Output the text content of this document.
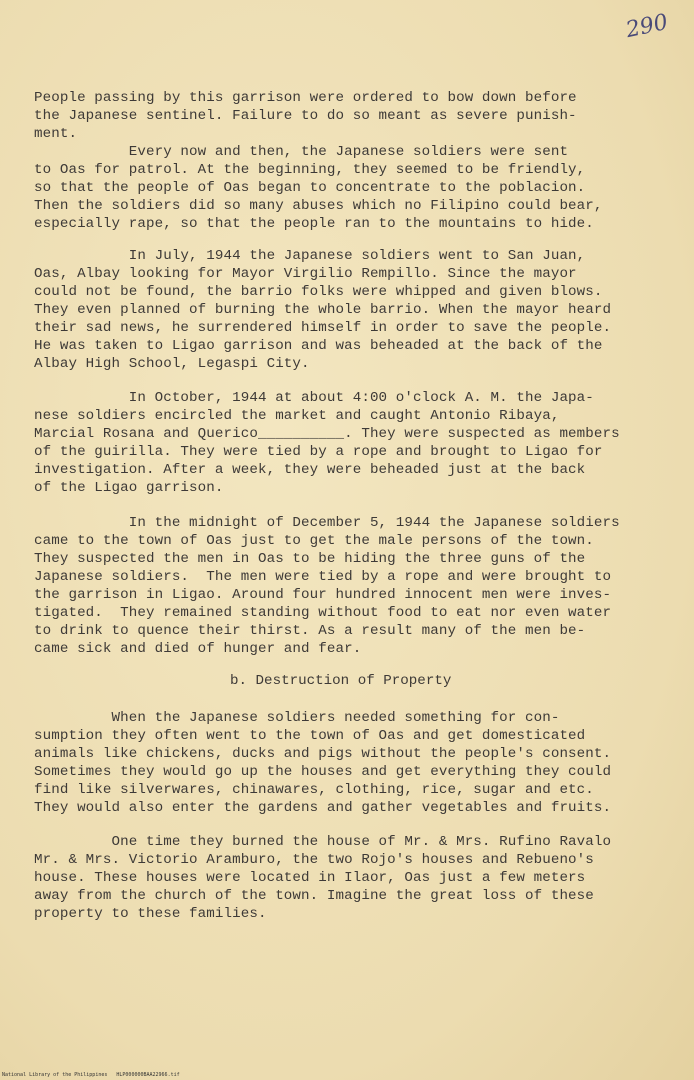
290
People passing by this garrison were ordered to bow down before
the Japanese sentinel. Failure to do so meant as severe punish-
ment.
Every now and then, the Japanese soldiers were sent
to Oas for patrol. At the beginning, they seemed to be friendly,
so that the people of Oas began to concentrate to the poblacion.
Then the soldiers did so many abuses which no Filipino could bear,
especially rape, so that the people ran to the mountains to hide.
In July, 1944 the Japanese soldiers went to San Juan,
Oas, Albay looking for Mayor Virgilio Rempillo. Since the mayor
could not be found, the barrio folks were whipped and given blows.
They even planned of burning the whole barrio. When the mayor heard
their sad news, he surrendered himself in order to save the people.
He was taken to Ligao garrison and was beheaded at the back of the
Albay High School, Legaspi City.
In October, 1944 at about 4:00 o'clock A. M. the Japa-
nese soldiers encircled the market and caught Antonio Ribaya,
Marcial Rosana and Querico__________. They were suspected as members
of the guirilla. They were tied by a rope and brought to Ligao for
investigation. After a week, they were beheaded just at the back
of the Ligao garrison.
In the midnight of December 5, 1944 the Japanese soldiers
came to the town of Oas just to get the male persons of the town.
They suspected the men in Oas to be hiding the three guns of the
Japanese soldiers.  The men were tied by a rope and were brought to
the garrison in Ligao. Around four hundred innocent men were inves-
tigated.  They remained standing without food to eat nor even water
to drink to quence their thirst. As a result many of the men be-
came sick and died of hunger and fear.
b. Destruction of Property
When the Japanese soldiers needed something for con-
sumption they often went to the town of Oas and get domesticated
animals like chickens, ducks and pigs without the people's consent.
Sometimes they would go up the houses and get everything they could
find like silverwares, chinawares, clothing, rice, sugar and etc.
They would also enter the gardens and gather vegetables and fruits.
One time they burned the house of Mr. & Mrs. Rufino Ravalo
Mr. & Mrs. Victorio Aramburo, the two Rojo's houses and Rebueno's
house. These houses were located in Ilaor, Oas just a few meters
away from the church of the town. Imagine the great loss of these
property to these families.
National Library of the Philippines   HLP000000BAA22966.tif
